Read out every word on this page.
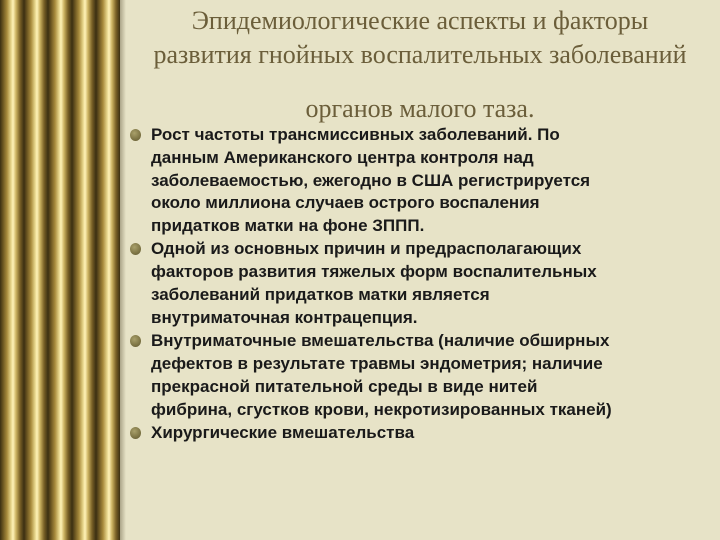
Эпидемиологические аспекты и факторы
развития гнойных воспалительных заболеваний
органов малого таза.
Рост частоты трансмиссивных заболеваний. По
данным Американского центра контроля над
заболеваемостью, ежегодно в США регистрируется
около миллиона случаев острого воспаления
придатков матки на фоне ЗППП.
Одной из основных причин и предрасполагающих
факторов развития тяжелых форм воспалительных
заболеваний придатков матки является
внутриматочная контрацепция.
Внутриматочные вмешательства (наличие обширных
дефектов в результате травмы эндометрия; наличие
прекрасной питательной среды в виде нитей
фибрина, сгустков крови, некротизированных тканей)
Хирургические вмешательства
